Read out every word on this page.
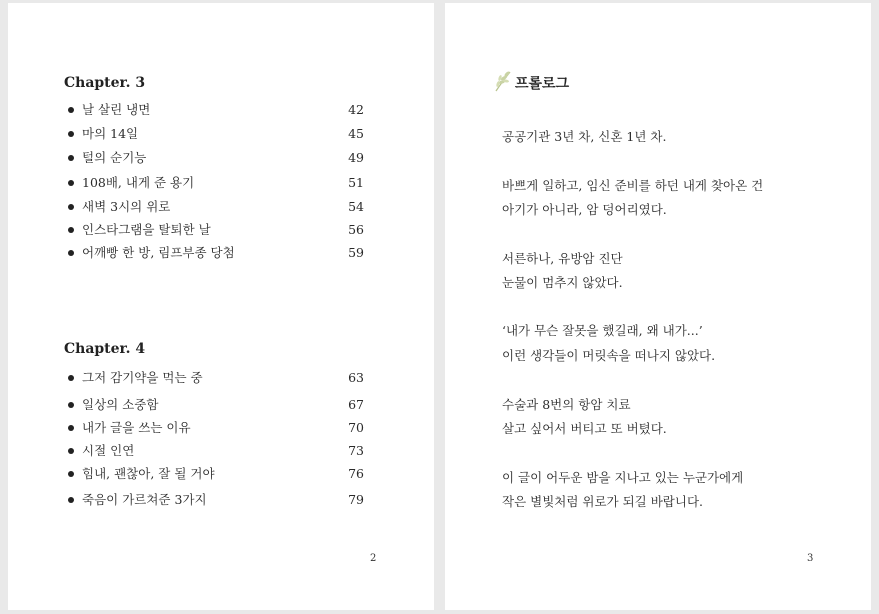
Chapter. 3
날 살린 냉면	42
마의 14일	45
털의 순기능	49
108배, 내게 준 용기	51
새벽 3시의 위로	54
인스타그램을 탈퇴한 날	56
어깨빵 한 방, 림프부종 당첨	59
Chapter. 4
그저 감기약을 먹는 중	63
일상의 소중함	67
내가 글을 쓰는 이유	70
시절 인연	73
힘내, 괜찮아, 잘 될 거야	76
죽음이 가르쳐준 3가지	79
2
프롤로그
공공기관 3년 차, 신혼 1년 차.
바쁘게 일하고, 임신 준비를 하던 내게 찾아온 건
아기가 아니라, 암 덩어리였다.
서른하나, 유방암 진단
눈물이 멈추지 않았다.
‘내가 무슨 잘못을 했길래, 왜 내가...’
이런 생각들이 머릿속을 떠나지 않았다.
수술과 8번의 항암 치료
살고 싶어서 버티고 또 버텼다.
이 글이 어두운 밤을 지나고 있는 누군가에게
작은 별빛처럼 위로가 되길 바랍니다.
3
